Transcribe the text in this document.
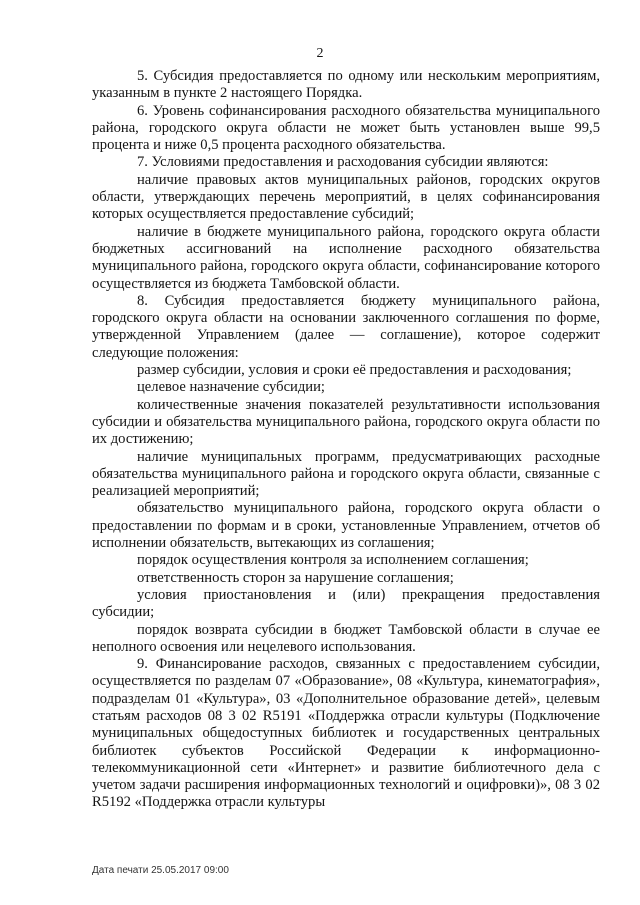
2

5. Субсидия предоставляется по одному или нескольким мероприятиям, указанным в пункте 2 настоящего Порядка.

6. Уровень софинансирования расходного обязательства муниципального района, городского округа области не может быть установлен выше 99,5 процента и ниже 0,5 процента расходного обязательства.

7. Условиями предоставления и расходования субсидии являются:

наличие правовых актов муниципальных районов, городских округов области, утверждающих перечень мероприятий, в целях софинансирования которых осуществляется предоставление субсидий;

наличие в бюджете муниципального района, городского округа области бюджетных ассигнований на исполнение расходного обязательства муниципального района, городского округа области, софинансирование которого осуществляется из бюджета Тамбовской области.

8. Субсидия предоставляется бюджету муниципального района, городского округа области на основании заключенного соглашения по форме, утвержденной Управлением (далее — соглашение), которое содержит следующие положения:

размер субсидии, условия и сроки её предоставления и расходования;

целевое назначение субсидии;

количественные значения показателей результативности использования субсидии и обязательства муниципального района, городского округа области по их достижению;

наличие муниципальных программ, предусматривающих расходные обязательства муниципального района и городского округа области, связанные с реализацией мероприятий;

обязательство муниципального района, городского округа области о предоставлении по формам и в сроки, установленные Управлением, отчетов об исполнении обязательств, вытекающих из соглашения;

порядок осуществления контроля за исполнением соглашения;

ответственность сторон за нарушение соглашения;

условия приостановления и (или) прекращения предоставления субсидии;

порядок возврата субсидии в бюджет Тамбовской области в случае ее неполного освоения или нецелевого использования.

9. Финансирование расходов, связанных с предоставлением субсидии, осуществляется по разделам 07 «Образование», 08 «Культура, кинематография», подразделам 01 «Культура», 03 «Дополнительное образование детей», целевым статьям расходов 08 3 02 R5191 «Поддержка отрасли культуры (Подключение муниципальных общедоступных библиотек и государственных центральных библиотек субъектов Российской Федерации к информационно-телекоммуникационной сети «Интернет» и развитие библиотечного дела с учетом задачи расширения информационных технологий и оцифровки)», 08 3 02 R5192 «Поддержка отрасли культуры

Дата печати 25.05.2017 09:00
